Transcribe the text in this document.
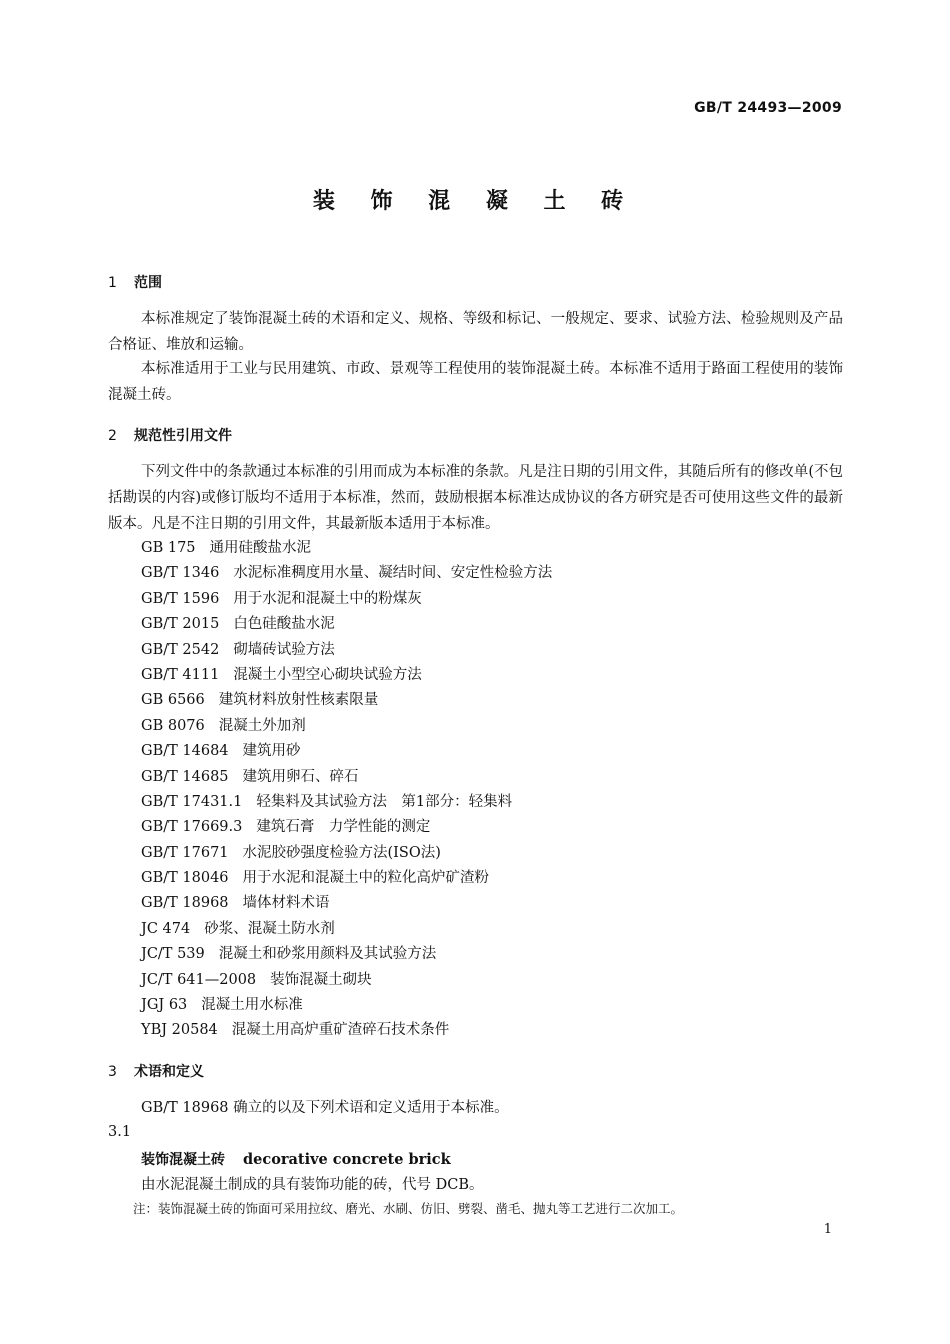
GB/T 24493—2009
装 饰 混 凝 土 砖
1 范围

本标准规定了装饰混凝土砖的术语和定义、规格、等级和标记、一般规定、要求、试验方法、检验规则及产品合格证、堆放和运输。

本标准适用于工业与民用建筑、市政、景观等工程使用的装饰混凝土砖。本标准不适用于路面工程使用的装饰混凝土砖。

2 规范性引用文件

下列文件中的条款通过本标准的引用而成为本标准的条款。凡是注日期的引用文件，其随后所有的修改单(不包括勘误的内容)或修订版均不适用于本标准，然而，鼓励根据本标准达成协议的各方研究是否可使用这些文件的最新版本。凡是不注日期的引用文件，其最新版本适用于本标准。

GB 175 通用硅酸盐水泥
GB/T 1346 水泥标准稠度用水量、凝结时间、安定性检验方法
GB/T 1596 用于水泥和混凝土中的粉煤灰
GB/T 2015 白色硅酸盐水泥
GB/T 2542 砌墙砖试验方法
GB/T 4111 混凝土小型空心砌块试验方法
GB 6566 建筑材料放射性核素限量
GB 8076 混凝土外加剂
GB/T 14684 建筑用砂
GB/T 14685 建筑用卵石、碎石
GB/T 17431.1 轻集料及其试验方法　第1部分：轻集料
GB/T 17669.3 建筑石膏　力学性能的测定
GB/T 17671 水泥胶砂强度检验方法(ISO法)
GB/T 18046 用于水泥和混凝土中的粒化高炉矿渣粉
GB/T 18968 墙体材料术语
JC 474 砂浆、混凝土防水剂
JC/T 539 混凝土和砂浆用颜料及其试验方法
JC/T 641—2008 装饰混凝土砌块
JGJ 63 混凝土用水标准
YBJ 20584 混凝土用高炉重矿渣碎石技术条件
3 术语和定义
GB/T 18968 确立的以及下列术语和定义适用于本标准。
3.1
装饰混凝土砖 decorative concrete brick
由水泥混凝土制成的具有装饰功能的砖，代号 DCB。
注：装饰混凝土砖的饰面可采用拉纹、磨光、水刷、仿旧、劈裂、凿毛、抛丸等工艺进行二次加工。
1
